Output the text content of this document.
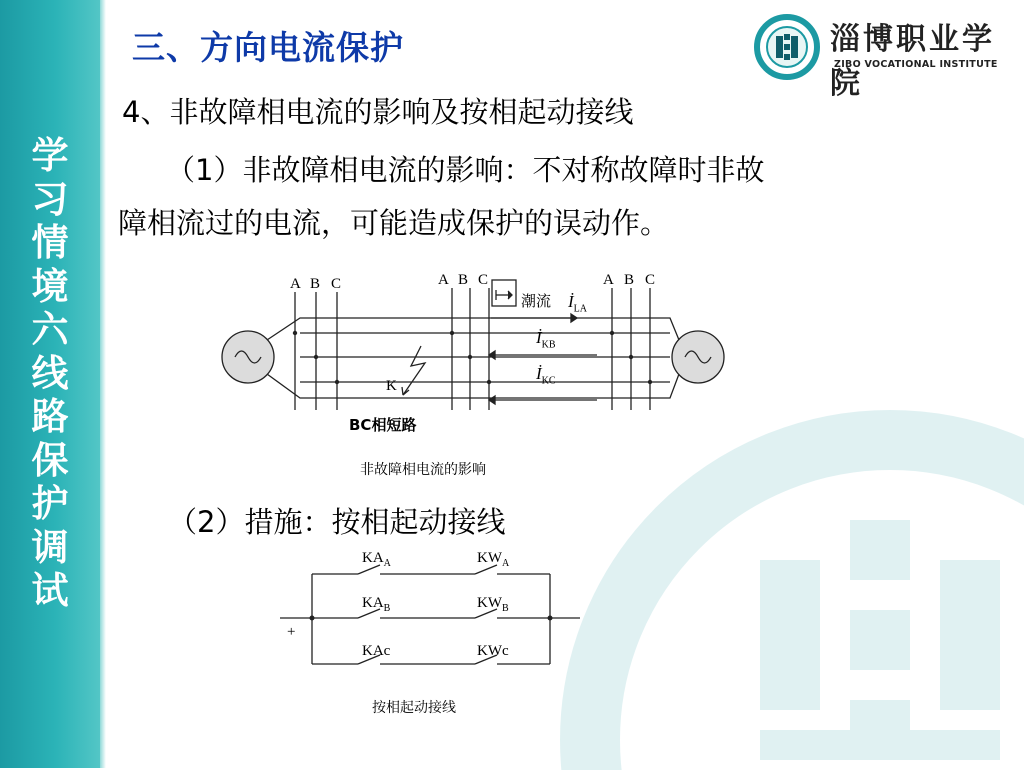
学
习
情
境
六
线
路
保
护
调
试
三、方向电流保护	淄博职业学院
ZIBO VOCATIONAL INSTITUTE
4、非故障相电流的影响及按相起动接线
（1）非故障相电流的影响：不对称故障时非故
障相流过的电流，可能造成保护的误动作。
A B C	A B C	A B C
潮流 $İ_{LA}$
$İ_{KB}$
$İ_{KC}$
K
BC相短路
非故障相电流的影响
（2）措施：按相起动接线
+
$KA_A$	$KW_A$
$KA_B$	$KW_B$
KAc	KWc
按相起动接线
